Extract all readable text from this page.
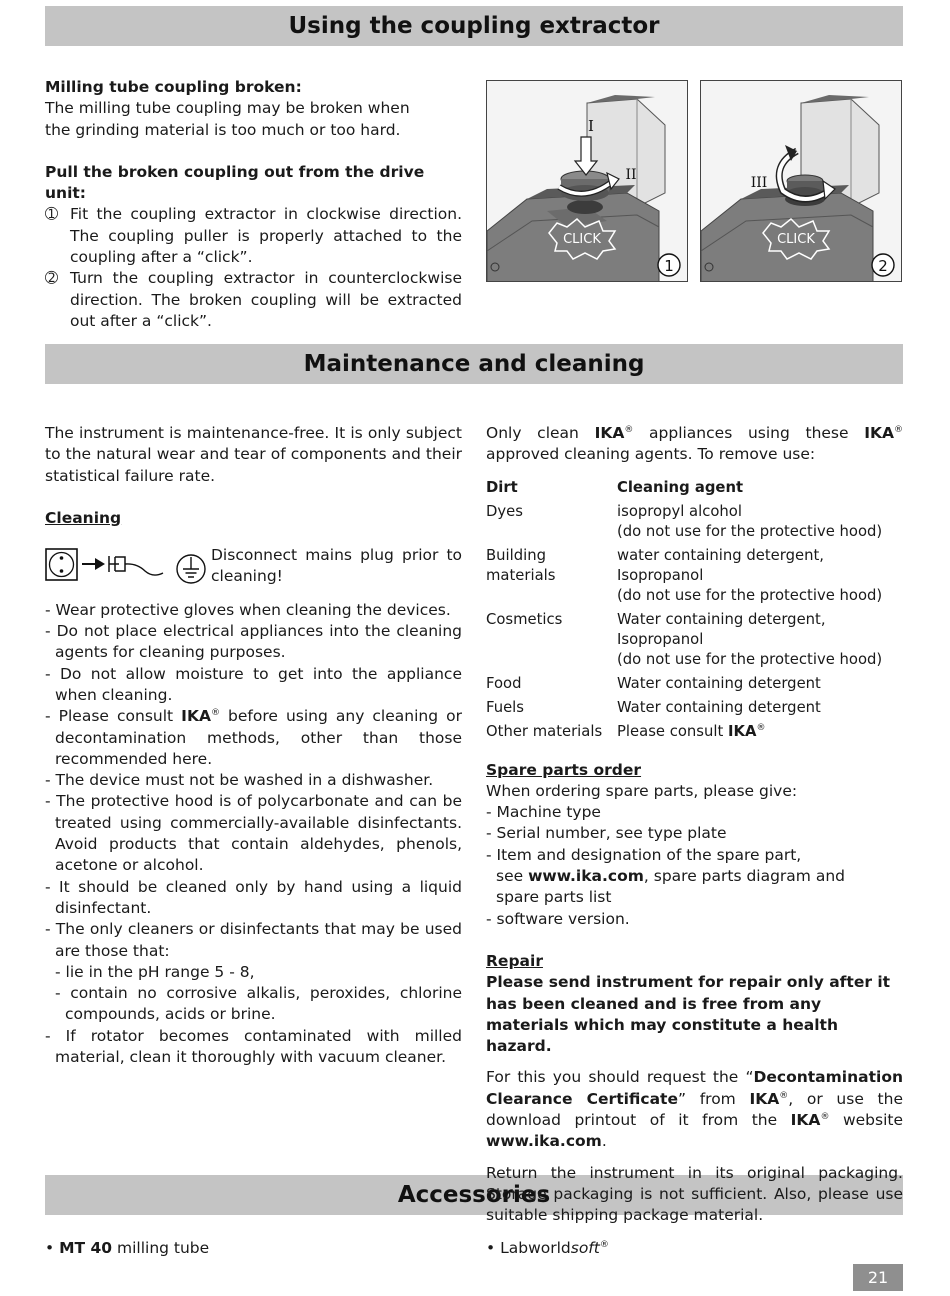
Using the coupling extractor
Maintenance and cleaning
Accessories
Milling tube coupling broken:
The milling tube coupling may be broken when the grinding material is too much or too hard.
Pull the broken coupling out from the drive unit:
➀ Fit the coupling extractor in clockwise direction. The coupling puller is properly attached to the coupling after a “click”.
➁ Turn the coupling extractor in counterclockwise direction. The broken coupling will be extracted out after a “click”.
CLICK
I
II
1
CLICK
III
2
The instrument is maintenance-free. It is only subject to the natural wear and tear of components and their statistical failure rate.
Cleaning
Disconnect mains plug prior to cleaning!
- Wear protective gloves when cleaning the devices.
- Do not place electrical appliances into the cleaning agents for cleaning purposes.
- Do not allow moisture to get into the appliance when cleaning.
- Please consult IKA® before using any cleaning or decontamination methods, other than those recommended here.
- The device must not be washed in a dishwasher.
- The protective hood is of polycarbonate and can be treated using commercially-available disinfectants. Avoid products that contain aldehydes, phenols, acetone or alcohol.
- It should be cleaned only by hand using a liquid disinfectant.
- The only cleaners or disinfectants that may be used are those that:
- lie in the pH range 5 - 8,
- contain no corrosive alkalis, peroxides, chlorine compounds, acids or brine.
- If rotator becomes contaminated with milled material, clean it thoroughly with vacuum cleaner.
Only clean IKA® appliances using these IKA® approved cleaning agents. To remove use:
Dirt	Cleaning agent
Dyes	isopropyl alcohol
(do not use for the protective hood)

Building materials	water containing detergent, Isopropanol
(do not use for the protective hood)

Cosmetics	Water containing detergent, Isopropanol
(do not use for the protective hood)

Food	Water containing detergent
Fuels	Water containing detergent
Other materials	Please consult IKA®
Spare parts order
When ordering spare parts, please give:
- Machine type
- Serial number, see type plate
- Item and designation of the spare part,
see www.ika.com, spare parts diagram and spare parts list
- software version.
Repair
Please send instrument for repair only after it has been cleaned and is free from any materials which may constitute a health hazard.
For this you should request the “Decontamination Clearance Certificate” from IKA®, or use the download printout of it from the IKA® website www.ika.com.
Return the instrument in its original packaging. Storage packaging is not sufficient. Also, please use suitable shipping package material.
• MT 40 milling tube	• Labworldsoft®
21
